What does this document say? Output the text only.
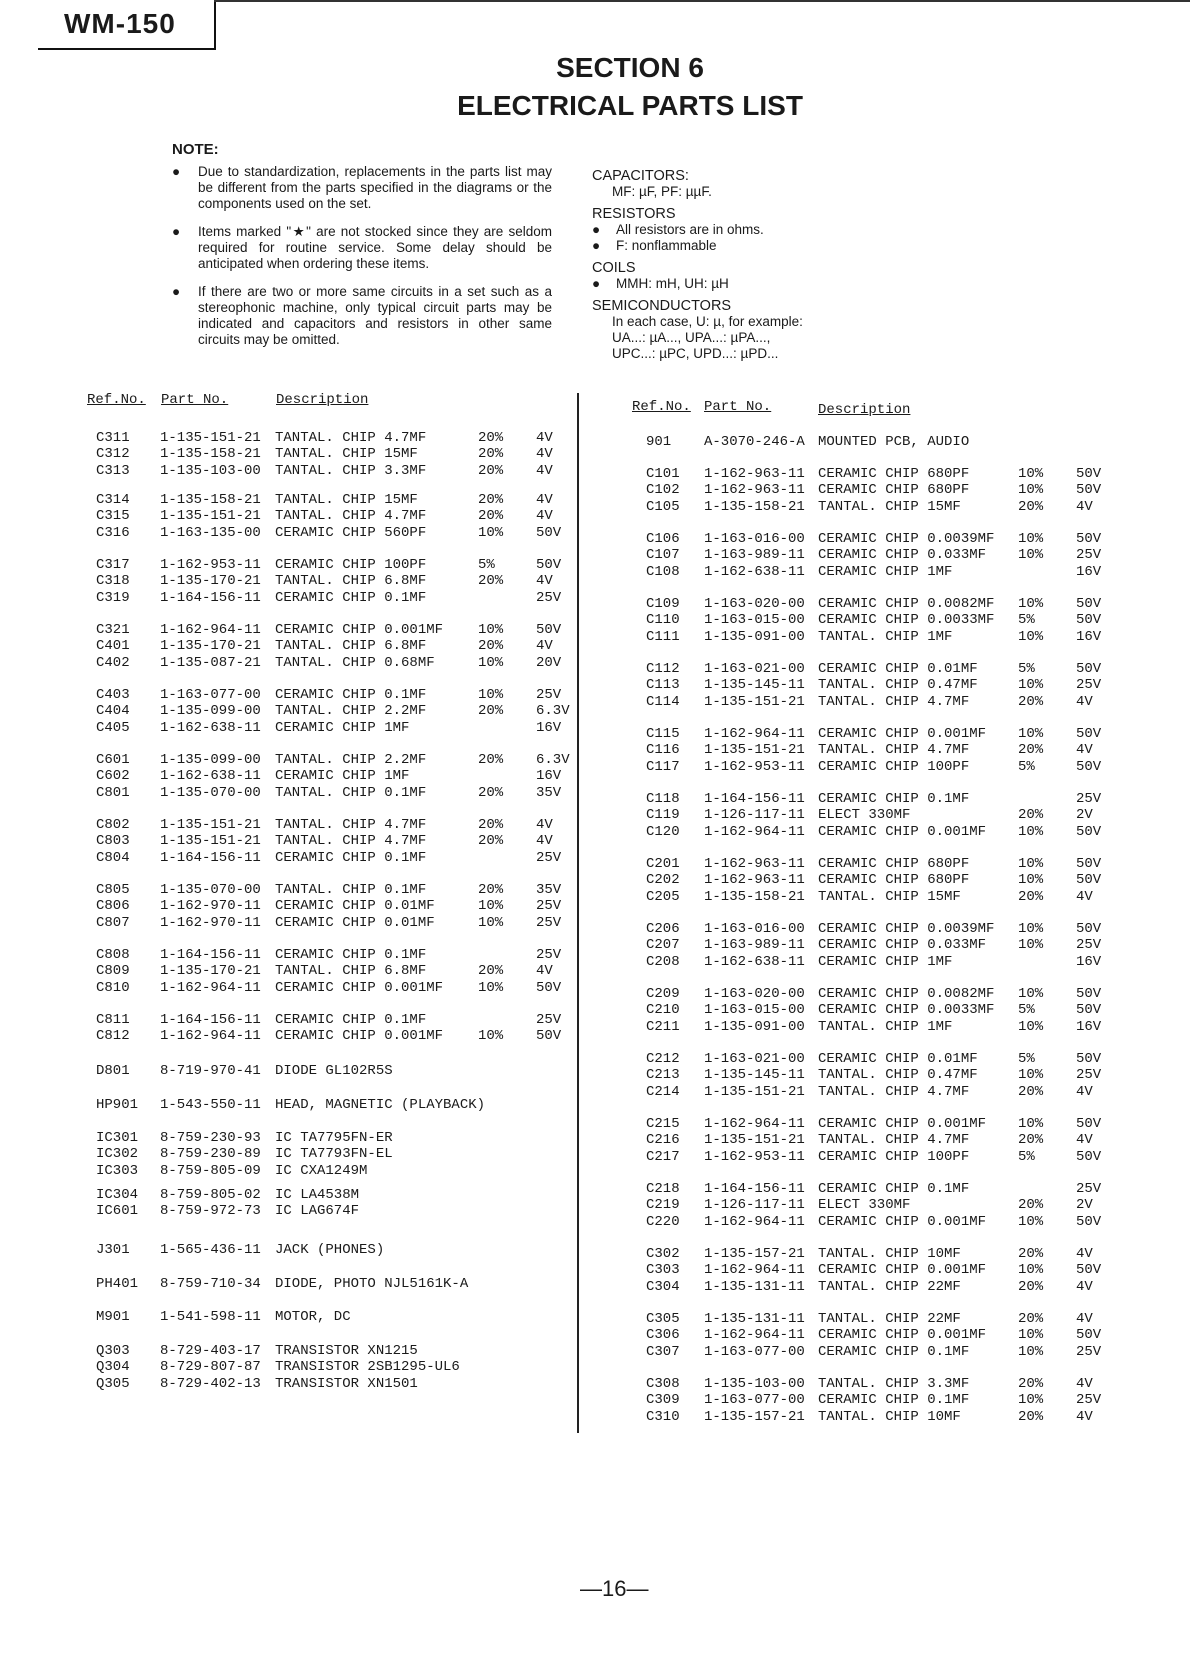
WM-150
SECTION 6
ELECTRICAL PARTS LIST
NOTE:
● Due to standardization, replacements in the parts list may be different from the parts specified in the diagrams or the components used on the set.
● Items marked "★" are not stocked since they are seldom required for routine service. Some delay should be anticipated when ordering these items.
● If there are two or more same circuits in a set such as a stereophonic machine, only typical circuit parts may be indicated and capacitors and resistors in other same circuits may be omitted.
CAPACITORS:
MF: µF, PF: µµF.
RESISTORS
● All resistors are in ohms.
● F: nonflammable
COILS
● MMH: mH, UH: µH
SEMICONDUCTORS
In each case, U: µ, for example:
UA...: µA..., UPA...: µPA...,
UPC...: µPC, UPD...: µPD...
Ref.No. Part No.	Description	Ref.No. Part No.	Description
C311 1-135-151-21 TANTAL. CHIP 4.7MF	20% 4V
C312 1-135-158-21 TANTAL. CHIP 15MF	20% 4V
C313 1-135-103-00 TANTAL. CHIP 3.3MF	20% 4V
C314 1-135-158-21 TANTAL. CHIP 15MF	20% 4V
C315 1-135-151-21 TANTAL. CHIP 4.7MF	20% 4V
C316 1-163-135-00 CERAMIC CHIP 560PF	10% 50V
C317 1-162-953-11 CERAMIC CHIP 100PF	5%	50V
C318 1-135-170-21 TANTAL. CHIP 6.8MF	20% 4V
C319 1-164-156-11 CERAMIC CHIP 0.1MF	25V
C321 1-162-964-11 CERAMIC CHIP 0.001MF 10% 50V
C401 1-135-170-21 TANTAL. CHIP 6.8MF	20% 4V
C402 1-135-087-21 TANTAL. CHIP 0.68MF	10% 20V
C403 1-163-077-00 CERAMIC CHIP 0.1MF	10% 25V
C404 1-135-099-00 TANTAL. CHIP 2.2MF	20% 6.3V
C405 1-162-638-11 CERAMIC CHIP 1MF	16V
C601 1-135-099-00 TANTAL. CHIP 2.2MF	20% 6.3V
C602 1-162-638-11 CERAMIC CHIP 1MF	16V
C801 1-135-070-00 TANTAL. CHIP 0.1MF	20% 35V
C802 1-135-151-21 TANTAL. CHIP 4.7MF	20% 4V
C803 1-135-151-21 TANTAL. CHIP 4.7MF	20% 4V
C804 1-164-156-11 CERAMIC CHIP 0.1MF	25V
C805 1-135-070-00 TANTAL. CHIP 0.1MF	20% 35V
C806 1-162-970-11 CERAMIC CHIP 0.01MF	10% 25V
C807 1-162-970-11 CERAMIC CHIP 0.01MF	10% 25V
C808 1-164-156-11 CERAMIC CHIP 0.1MF	25V
C809 1-135-170-21 TANTAL. CHIP 6.8MF	20% 4V
C810 1-162-964-11 CERAMIC CHIP 0.001MF 10% 50V
C811 1-164-156-11 CERAMIC CHIP 0.1MF	25V
C812 1-162-964-11 CERAMIC CHIP 0.001MF 10% 50V
D801 8-719-970-41 DIODE GL102R5S
HP901 1-543-550-11 HEAD, MAGNETIC (PLAYBACK)
IC301 8-759-230-93 IC TA7795FN-ER
IC302 8-759-230-89 IC TA7793FN-EL
IC303 8-759-805-09 IC CXA1249M
IC304 8-759-805-02 IC LA4538M
IC601 8-759-972-73 IC LAG674F
J301 1-565-436-11 JACK (PHONES)
PH401 8-759-710-34 DIODE, PHOTO NJL5161K-A
M901 1-541-598-11 MOTOR, DC
Q303 8-729-403-17 TRANSISTOR XN1215
Q304 8-729-807-87 TRANSISTOR 2SB1295-UL6
Q305 8-729-402-13 TRANSISTOR XN1501
901 A-3070-246-A MOUNTED PCB, AUDIO
C101 1-162-963-11 CERAMIC CHIP 680PF	10% 50V
C102 1-162-963-11 CERAMIC CHIP 680PF	10% 50V
C105 1-135-158-21 TANTAL. CHIP 15MF	20% 4V
C106 1-163-016-00 CERAMIC CHIP 0.0039MF 10% 50V
C107 1-163-989-11 CERAMIC CHIP 0.033MF 10% 25V
C108 1-162-638-11 CERAMIC CHIP 1MF	16V
C109 1-163-020-00 CERAMIC CHIP 0.0082MF 10% 50V
C110 1-163-015-00 CERAMIC CHIP 0.0033MF 5%	50V
C111 1-135-091-00 TANTAL. CHIP 1MF	10% 16V
C112 1-163-021-00 CERAMIC CHIP 0.01MF	5%	50V
C113 1-135-145-11 TANTAL. CHIP 0.47MF	10% 25V
C114 1-135-151-21 TANTAL. CHIP 4.7MF	20% 4V
C115 1-162-964-11 CERAMIC CHIP 0.001MF 10% 50V
C116 1-135-151-21 TANTAL. CHIP 4.7MF	20% 4V
C117 1-162-953-11 CERAMIC CHIP 100PF	5%	50V
C118 1-164-156-11 CERAMIC CHIP 0.1MF	25V
C119 1-126-117-11 ELECT 330MF	20% 2V
C120 1-162-964-11 CERAMIC CHIP 0.001MF 10% 50V
C201 1-162-963-11 CERAMIC CHIP 680PF	10% 50V
C202 1-162-963-11 CERAMIC CHIP 680PF	10% 50V
C205 1-135-158-21 TANTAL. CHIP 15MF	20% 4V
C206 1-163-016-00 CERAMIC CHIP 0.0039MF 10% 50V
C207 1-163-989-11 CERAMIC CHIP 0.033MF 10% 25V
C208 1-162-638-11 CERAMIC CHIP 1MF	16V
C209 1-163-020-00 CERAMIC CHIP 0.0082MF 10% 50V
C210 1-163-015-00 CERAMIC CHIP 0.0033MF 5%	50V
C211 1-135-091-00 TANTAL. CHIP 1MF	10% 16V
C212 1-163-021-00 CERAMIC CHIP 0.01MF	5%	50V
C213 1-135-145-11 TANTAL. CHIP 0.47MF	10% 25V
C214 1-135-151-21 TANTAL. CHIP 4.7MF	20% 4V
C215 1-162-964-11 CERAMIC CHIP 0.001MF 10% 50V
C216 1-135-151-21 TANTAL. CHIP 4.7MF	20% 4V
C217 1-162-953-11 CERAMIC CHIP 100PF	5%	50V
C218 1-164-156-11 CERAMIC CHIP 0.1MF	25V
C219 1-126-117-11 ELECT 330MF	20% 2V
C220 1-162-964-11 CERAMIC CHIP 0.001MF 10% 50V
C302 1-135-157-21 TANTAL. CHIP 10MF	20% 4V
C303 1-162-964-11 CERAMIC CHIP 0.001MF 10% 50V
C304 1-135-131-11 TANTAL. CHIP 22MF	20% 4V
C305 1-135-131-11 TANTAL. CHIP 22MF	20% 4V
C306 1-162-964-11 CERAMIC CHIP 0.001MF 10% 50V
C307 1-163-077-00 CERAMIC CHIP 0.1MF	10% 25V
C308 1-135-103-00 TANTAL. CHIP 3.3MF	20% 4V
C309 1-163-077-00 CERAMIC CHIP 0.1MF	10% 25V
C310 1-135-157-21 TANTAL. CHIP 10MF	20% 4V
—16—
